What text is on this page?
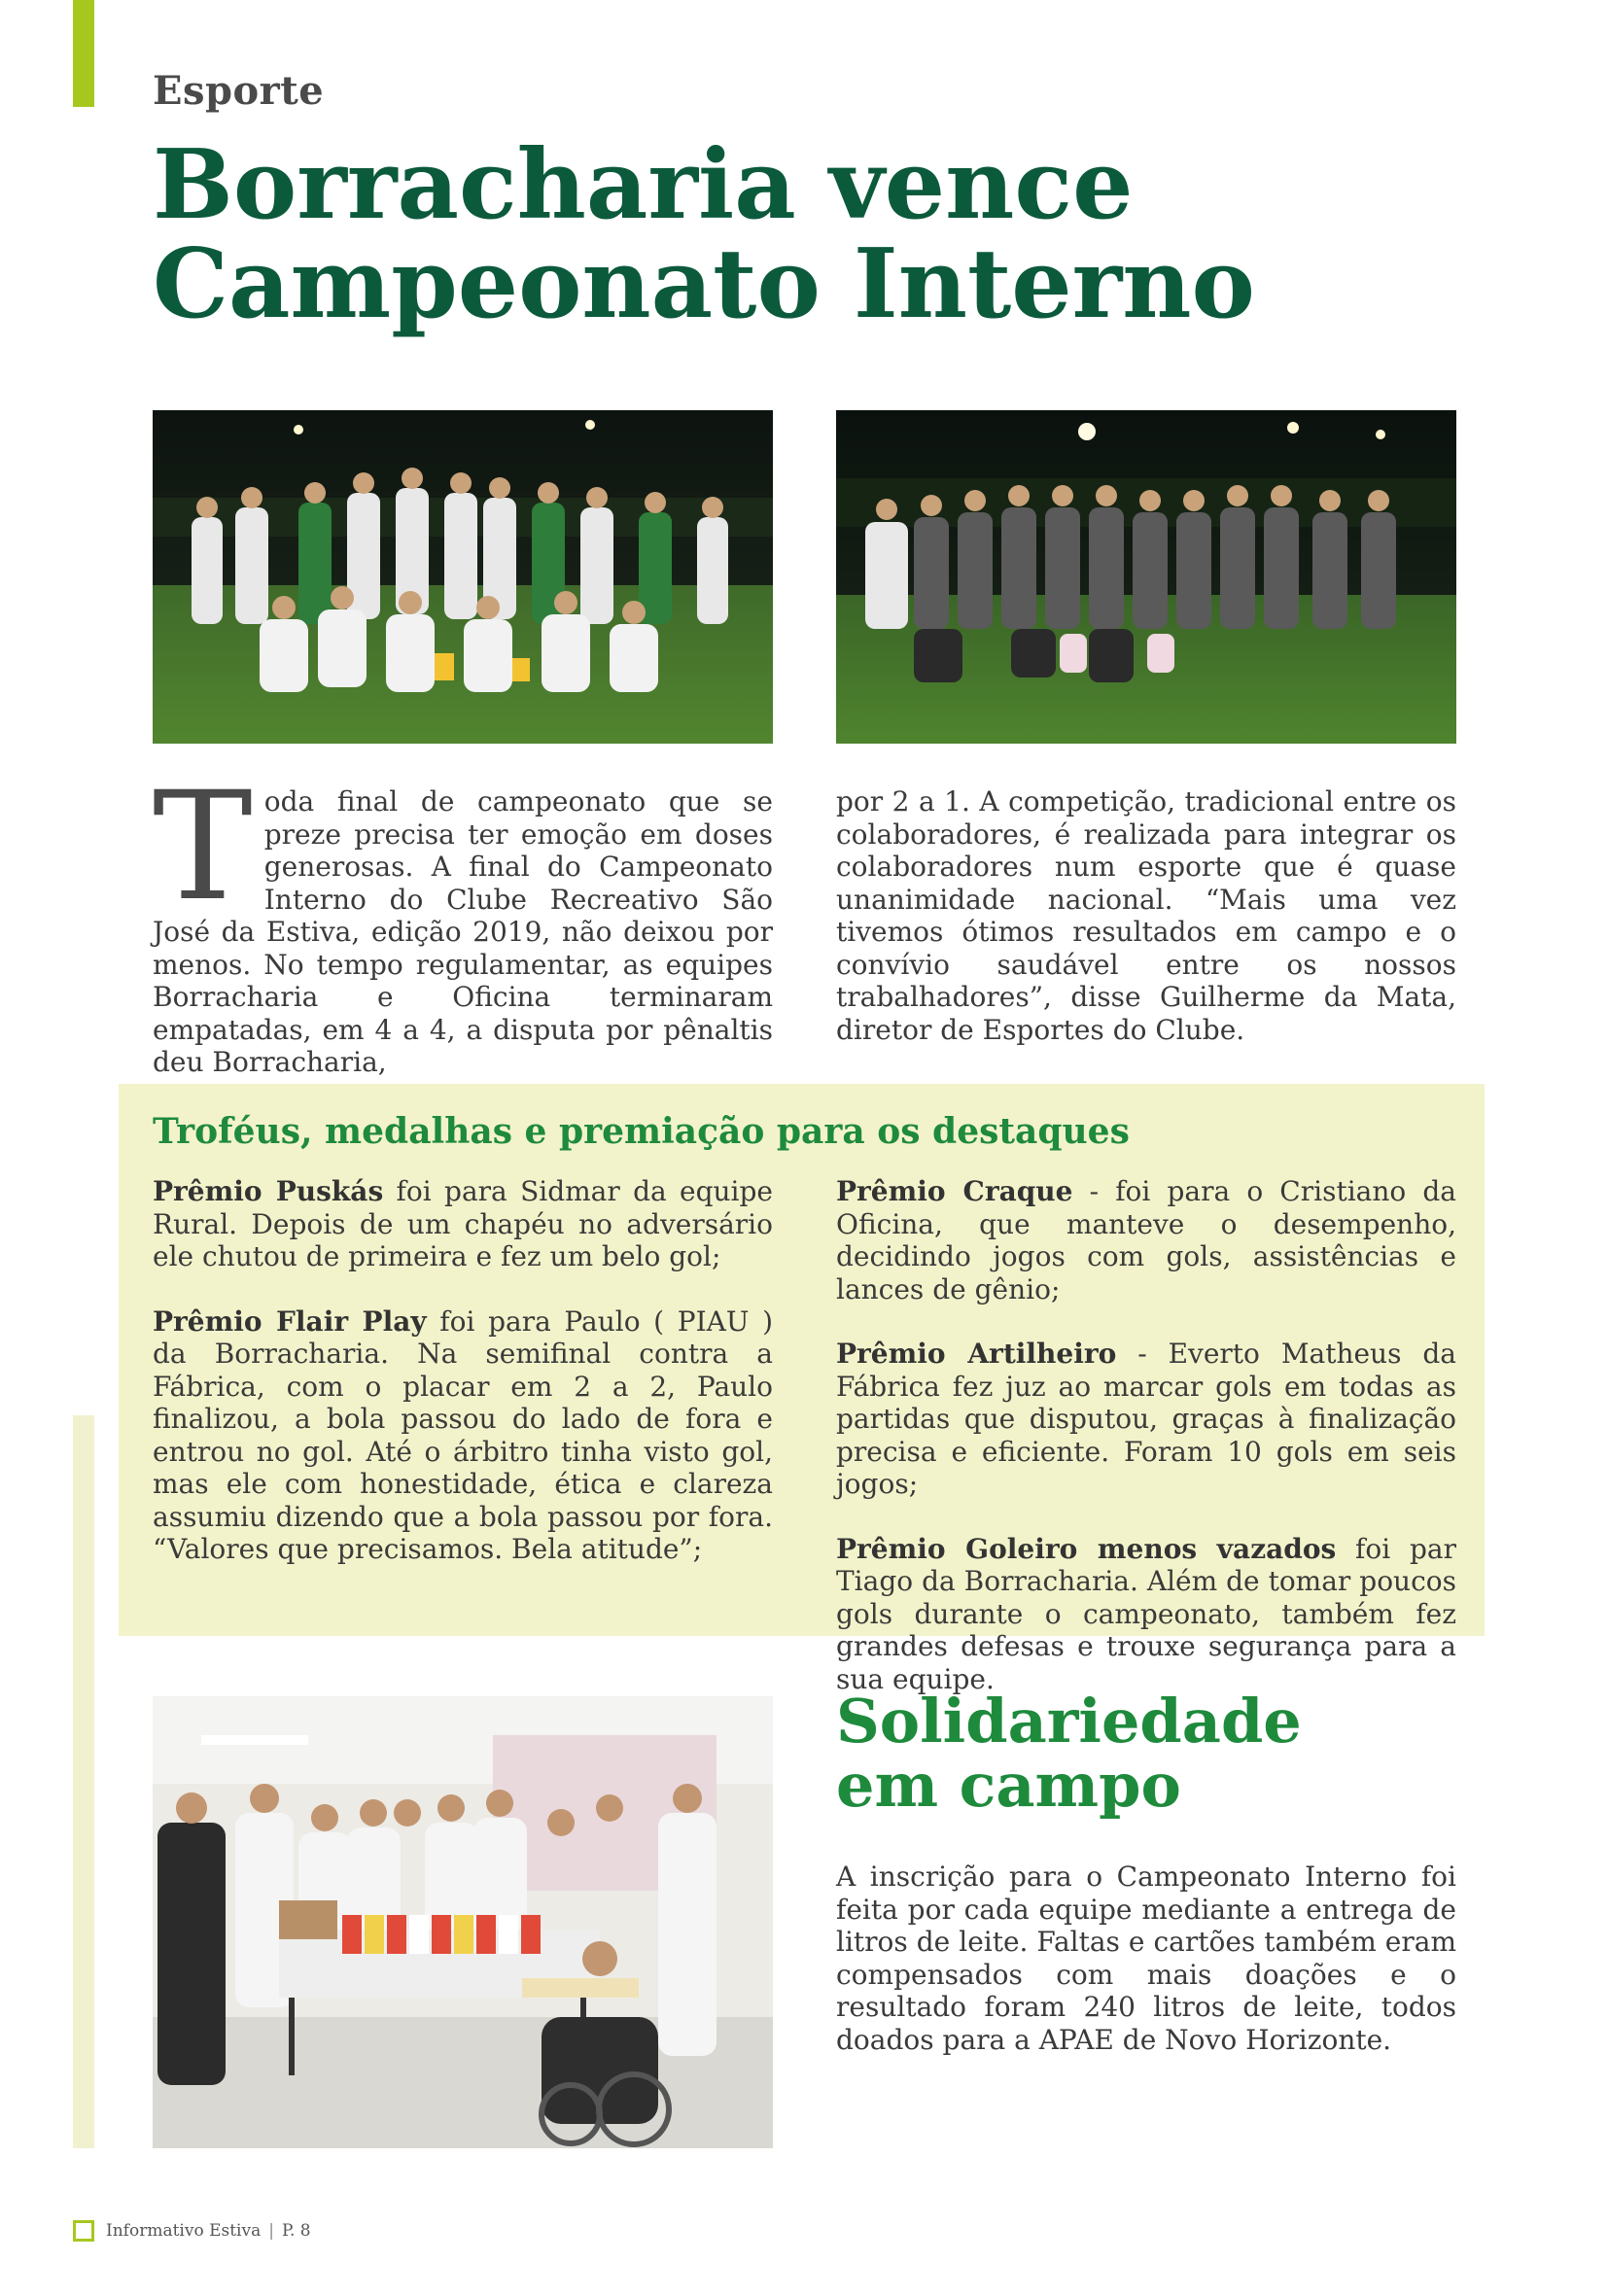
Esporte
Borracharia vence
Campeonato Interno
T oda final de campeonato que se preze precisa ter emoção em doses generosas. A final do Campeonato Interno do Clube Recreativo São José da Estiva, edição 2019, não deixou por menos. No tempo regulamentar, as equipes Borracharia e Oficina terminaram empatadas, em 4 a 4, a disputa por pênaltis deu Borracharia,
por 2 a 1. A competição, tradicional entre os colaboradores, é realizada para integrar os colaboradores num esporte que é quase unanimidade nacional. “Mais uma vez tivemos ótimos resultados em campo e o convívio saudável entre os nossos trabalhadores”, disse Guilherme da Mata, diretor de Esportes do Clube.
Troféus, medalhas e premiação para os destaques

Prêmio Puskás foi para Sidmar da equipe Rural. Depois de um chapéu no adversário ele chutou de primeira e fez um belo gol;

Prêmio Flair Play foi para Paulo ( PIAU ) da Borracharia. Na semifinal contra a Fábrica, com o placar em 2 a 2, Paulo finalizou, a bola passou do lado de fora e entrou no gol. Até o árbitro tinha visto gol, mas ele com honestidade, ética e clareza assumiu dizendo que a bola passou por fora. “Valores que precisamos. Bela atitude”;

Prêmio Craque - foi para o Cristiano da Oficina, que manteve o desempenho, decidindo jogos com gols, assistências e lances de gênio;

Prêmio Artilheiro - Everto Matheus da Fábrica fez juz ao marcar gols em todas as partidas que disputou, graças à finalização precisa e eficiente. Foram 10 gols em seis jogos;

Prêmio Goleiro menos vazados foi par Tiago da Borracharia. Além de tomar poucos gols durante o campeonato, também fez grandes defesas e trouxe segurança para a sua equipe.

Solidariedade
em campo
A inscrição para o Campeonato Interno foi feita por cada equipe mediante a entrega de litros de leite. Faltas e cartões também eram compensados com mais doações e o resultado foram 240 litros de leite, todos doados para a APAE de Novo Horizonte.
Informativo Estiva | P. 8
